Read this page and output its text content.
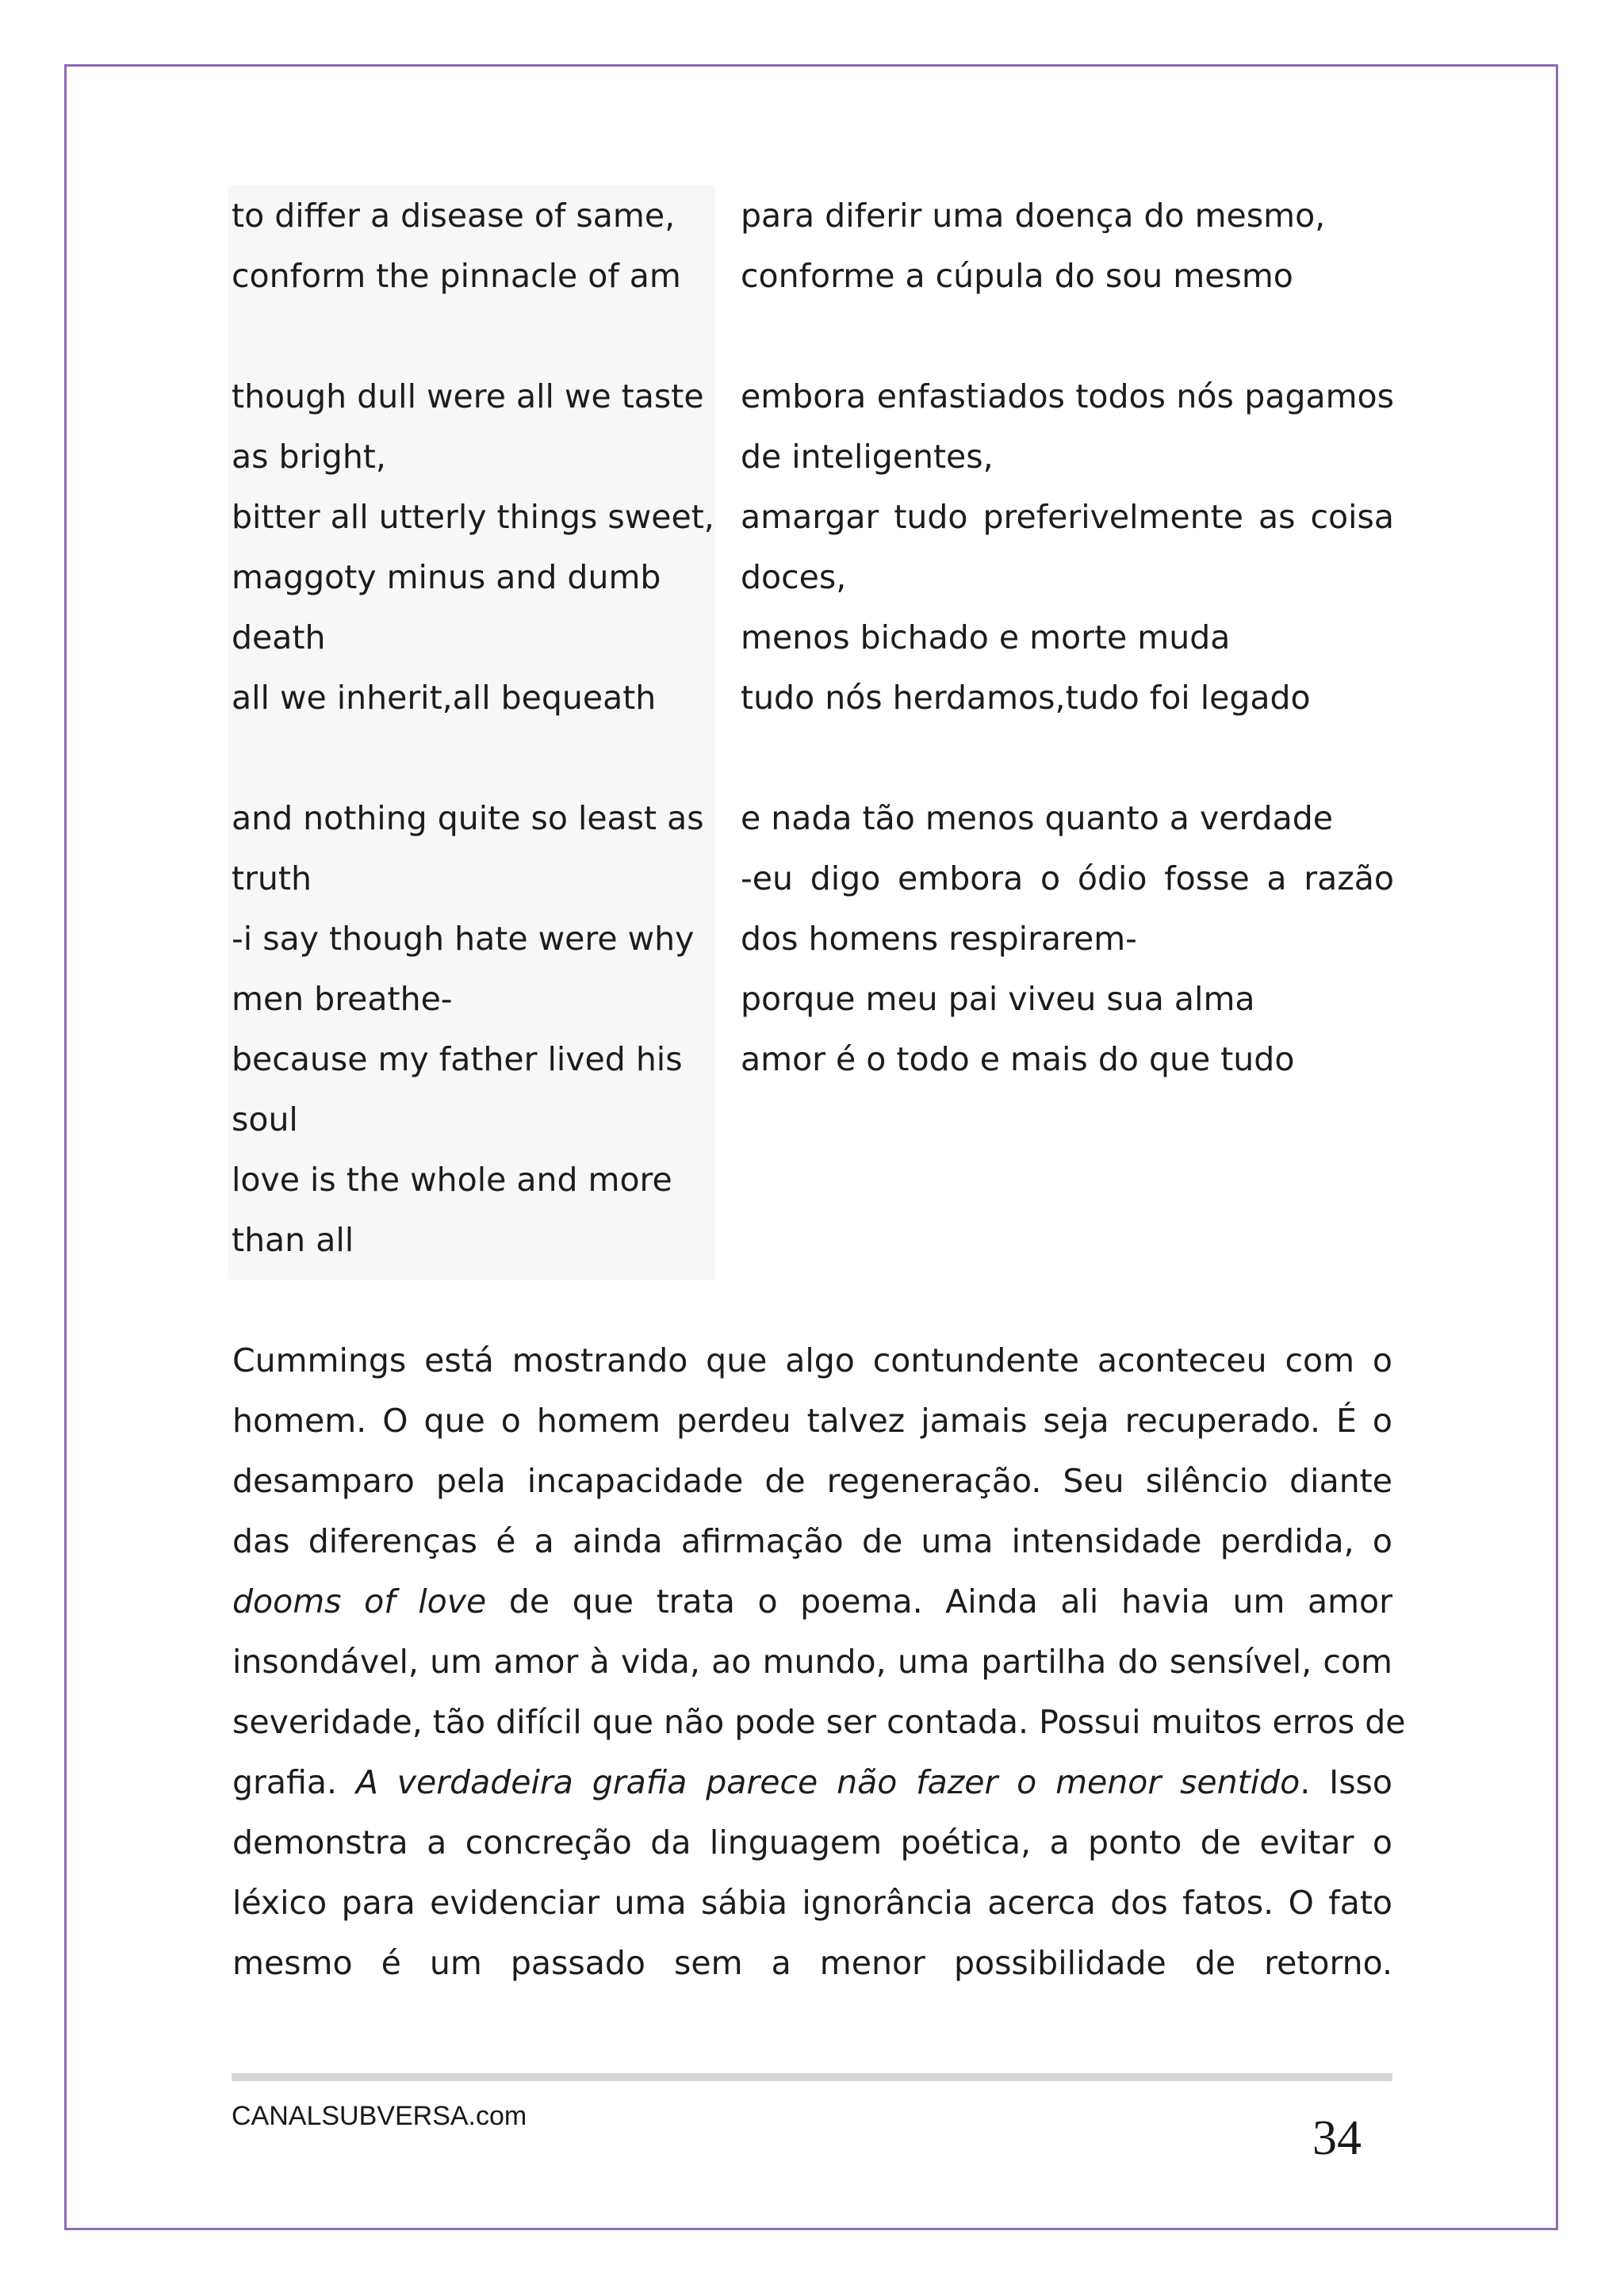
to differ a disease of same,
conform the pinnacle of am
though dull were all we taste
as bright,
bitter all utterly things sweet,
maggoty minus and dumb
death
all we inherit,all bequeath
and nothing quite so least as
truth
-i say though hate were why
men breathe-
because my father lived his
soul
love is the whole and more
than all
para diferir uma doença do mesmo,
conforme a cúpula do sou mesmo
embora enfastiados todos nós pagamos
de inteligentes,
amargar tudo preferivelmente as coisa
doces,
menos bichado e morte muda
tudo nós herdamos,tudo foi legado
e nada tão menos quanto a verdade
-eu digo embora o ódio fosse a razão
dos homens respirarem-
porque meu pai viveu sua alma
amor é o todo e mais do que tudo
Cummings está mostrando que algo contundente aconteceu com o
homem. O que o homem perdeu talvez jamais seja recuperado. É o
desamparo pela incapacidade de regeneração. Seu silêncio diante
das diferenças é a ainda afirmação de uma intensidade perdida, o
dooms of love de que trata o poema. Ainda ali havia um amor
insondável, um amor à vida, ao mundo, uma partilha do sensível, com
severidade, tão difícil que não pode ser contada. Possui muitos erros de
grafia. A verdadeira grafia parece não fazer o menor sentido. Isso
demonstra a concreção da linguagem poética, a ponto de evitar o
léxico para evidenciar uma sábia ignorância acerca dos fatos. O fato
mesmo é um passado sem a menor possibilidade de retorno.
CANALSUBVERSA.com	34
